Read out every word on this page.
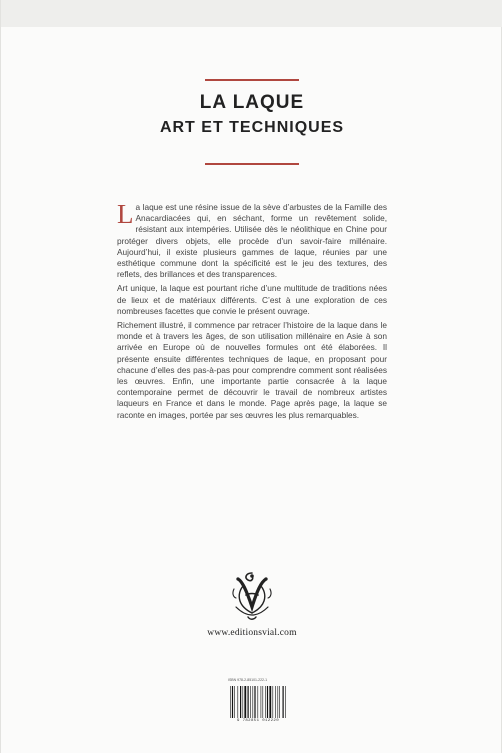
LA LAQUE
ART ET TECHNIQUES

La laque est une résine issue de la sève d’arbustes de la Famille des Anacardiacées qui, en séchant, forme un revêtement solide, résistant aux intempéries. Utilisée dès le néolithique en Chine pour protéger divers objets, elle procède d’un savoir-faire millénaire. Aujourd’hui, il existe plusieurs gammes de laque, réunies par une esthétique commune dont la spécificité est le jeu des textures, des reflets, des brillances et des transparences.

Art unique, la laque est pourtant riche d’une multitude de traditions nées de lieux et de matériaux différents. C’est à une exploration de ces nombreuses facettes que convie le présent ouvrage.

Richement illustré, il commence par retracer l’histoire de la laque dans le monde et à travers les âges, de son utilisation millénaire en Asie à son arrivée en Europe où de nouvelles formules ont été élaborées. Il présente ensuite différentes techniques de laque, en proposant pour chacune d’elles des pas-à-pas pour comprendre comment sont réalisées les œuvres. Enfin, une importante partie consacrée à la laque contemporaine permet de découvrir le travail de nombreux artistes laqueurs en France et dans le monde. Page après page, la laque se raconte en images, portée par ses œuvres les plus remarquables.

www.editionsvial.com
ISBN 978-2-85101-222-1
9 782851 012220
